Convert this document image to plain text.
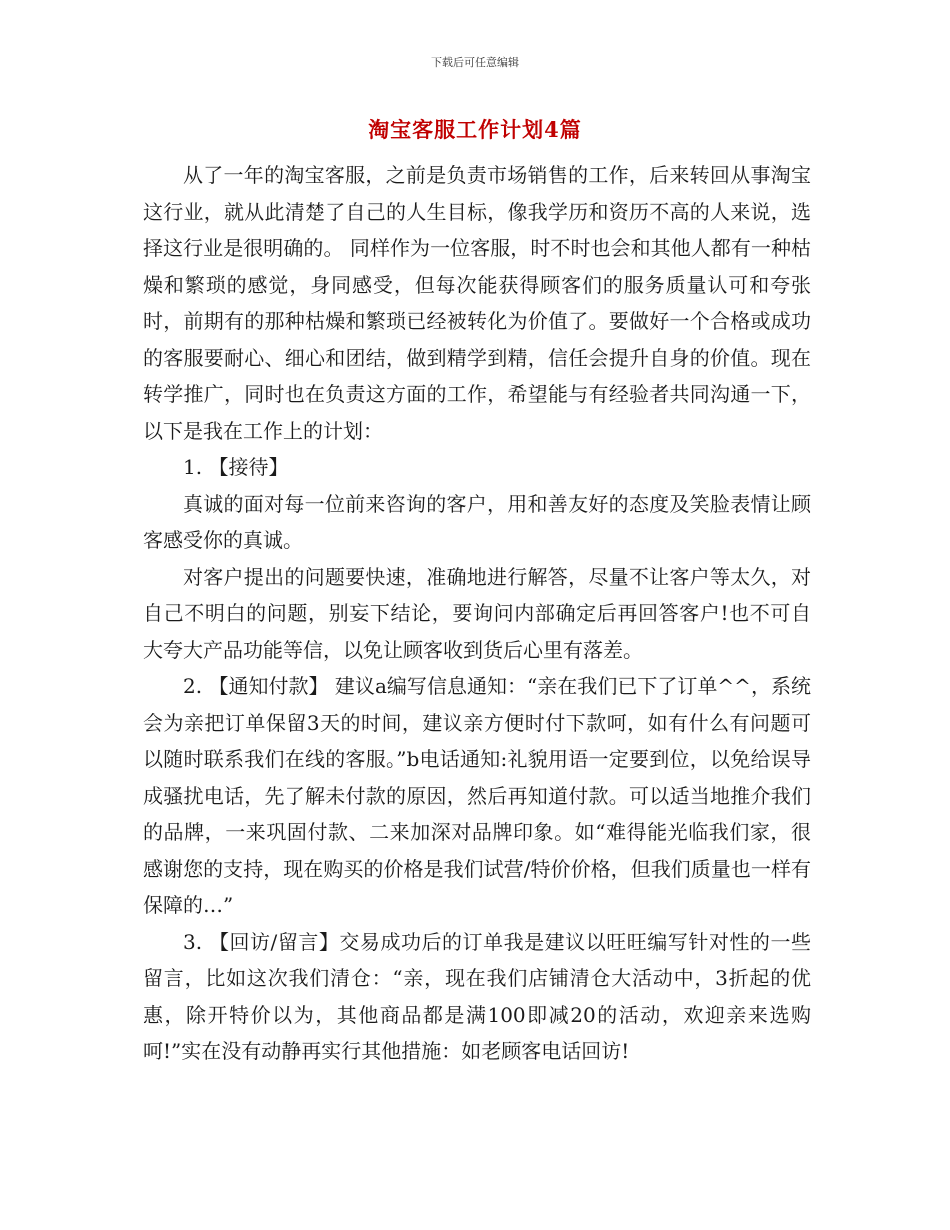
下载后可任意编辑
淘宝客服工作计划4篇

从了一年的淘宝客服，之前是负责市场销售的工作，后来转回从事淘宝这行业，就从此清楚了自己的人生目标，像我学历和资历不高的人来说，选择这行业是很明确的。 同样作为一位客服，时不时也会和其他人都有一种枯燥和繁琐的感觉，身同感受，但每次能获得顾客们的服务质量认可和夸张时，前期有的那种枯燥和繁琐已经被转化为价值了。要做好一个合格或成功的客服要耐心、细心和团结，做到精学到精，信任会提升自身的价值。现在转学推广，同时也在负责这方面的工作，希望能与有经验者共同沟通一下，以下是我在工作上的计划：

1. 【接待】

真诚的面对每一位前来咨询的客户，用和善友好的态度及笑脸表情让顾客感受你的真诚。

对客户提出的问题要快速，准确地进行解答，尽量不让客户等太久，对自己不明白的问题，别妄下结论，要询问内部确定后再回答客户!也不可自大夸大产品功能等信，以免让顾客收到货后心里有落差。

2. 【通知付款】 建议a编写信息通知：“亲在我们已下了订单^^，系统会为亲把订单保留3天的时间，建议亲方便时付下款呵，如有什么有问题可以随时联系我们在线的客服。”b电话通知:礼貌用语一定要到位，以免给误导成骚扰电话，先了解未付款的原因，然后再知道付款。可以适当地推介我们的品牌，一来巩固付款、二来加深对品牌印象。如“难得能光临我们家，很感谢您的支持，现在购买的价格是我们试营/特价价格，但我们质量也一样有保障的…”

3. 【回访/留言】交易成功后的订单我是建议以旺旺编写针对性的一些留言，比如这次我们清仓：“亲，现在我们店铺清仓大活动中，3折起的优惠，除开特价以为，其他商品都是满100即减20的活动，欢迎亲来选购呵!”实在没有动静再实行其他措施：如老顾客电话回访!
